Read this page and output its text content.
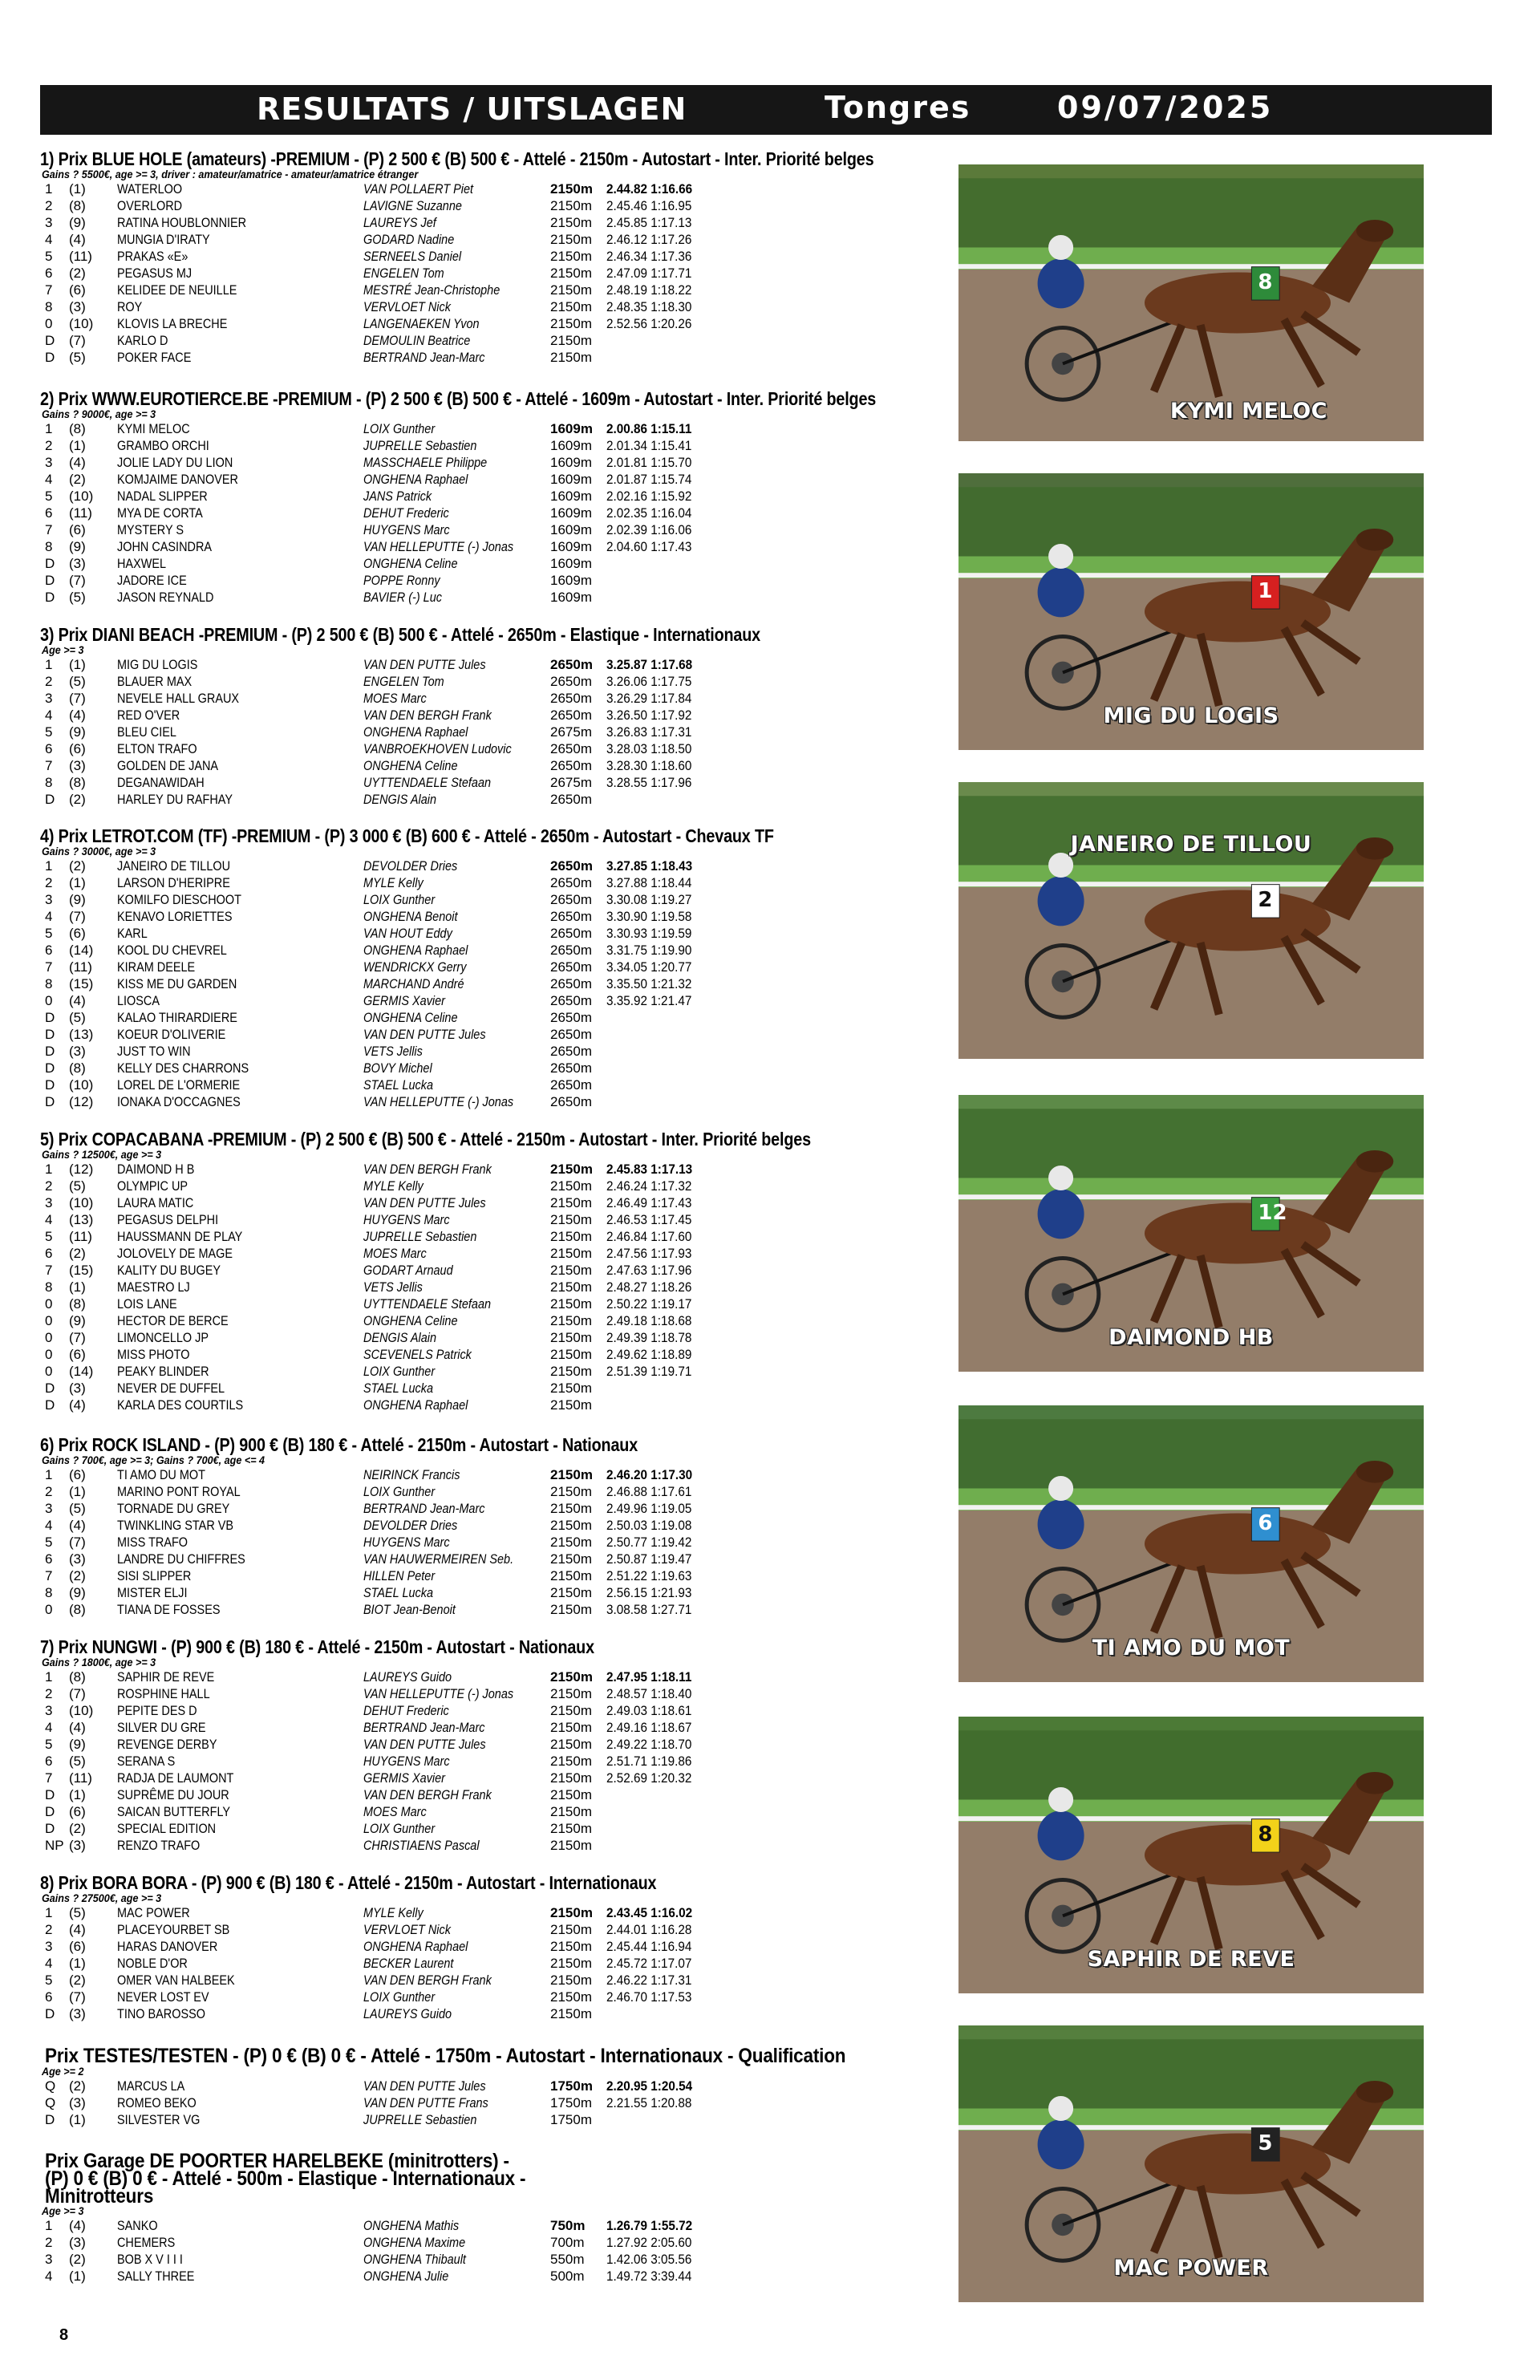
RESULTATS / UITSLAGEN	Tongres	09/07/2025
1) Prix BLUE HOLE (amateurs) -PREMIUM - (P) 2 500 € (B) 500 € - Attelé - 2150m - Autostart - Inter. Priorité belges
Gains ? 5500€, age >= 3, driver : amateur/amatrice - amateur/amatrice étranger
1	(1)	WATERLOO	VAN POLLAERT Piet	2150m	2.44.82 1:16.66
2	(8)	OVERLORD	LAVIGNE Suzanne	2150m	2.45.46 1:16.95
3	(9)	RATINA HOUBLONNIER	LAUREYS Jef	2150m	2.45.85 1:17.13
4	(4)	MUNGIA D'IRATY	GODARD Nadine	2150m	2.46.12 1:17.26
5	(11)	PRAKAS «E»	SERNEELS Daniel	2150m	2.46.34 1:17.36
6	(2)	PEGASUS MJ	ENGELEN Tom	2150m	2.47.09 1:17.71
7	(6)	KELIDEE DE NEUILLE	MESTRÉ Jean-Christophe	2150m	2.48.19 1:18.22
8	(3)	ROY	VERVLOET Nick	2150m	2.48.35 1:18.30
0	(10)	KLOVIS LA BRECHE	LANGENAEKEN Yvon	2150m	2.52.56 1:20.26
D	(7)	KARLO D	DEMOULIN Beatrice	2150m	
D	(5)	POKER FACE	BERTRAND Jean-Marc	2150m	
2) Prix WWW.EUROTIERCE.BE -PREMIUM - (P) 2 500 € (B) 500 € - Attelé - 1609m - Autostart - Inter. Priorité belges
Gains ? 9000€, age >= 3
1	(8)	KYMI MELOC	LOIX Gunther	1609m	2.00.86 1:15.11
2	(1)	GRAMBO ORCHI	JUPRELLE Sebastien	1609m	2.01.34 1:15.41
3	(4)	JOLIE LADY DU LION	MASSCHAELE Philippe	1609m	2.01.81 1:15.70
4	(2)	KOMJAIME DANOVER	ONGHENA Raphael	1609m	2.01.87 1:15.74
5	(10)	NADAL SLIPPER	JANS Patrick	1609m	2.02.16 1:15.92
6	(11)	MYA DE CORTA	DEHUT Frederic	1609m	2.02.35 1:16.04
7	(6)	MYSTERY S	HUYGENS Marc	1609m	2.02.39 1:16.06
8	(9)	JOHN CASINDRA	VAN HELLEPUTTE (-) Jonas	1609m	2.04.60 1:17.43
D	(3)	HAXWEL	ONGHENA Celine	1609m	
D	(7)	JADORE ICE	POPPE Ronny	1609m	
D	(5)	JASON REYNALD	BAVIER (-) Luc	1609m	
3) Prix DIANI BEACH -PREMIUM - (P) 2 500 € (B) 500 € - Attelé - 2650m - Elastique - Internationaux
Age >= 3
1	(1)	MIG DU LOGIS	VAN DEN PUTTE Jules	2650m	3.25.87 1:17.68
2	(5)	BLAUER MAX	ENGELEN Tom	2650m	3.26.06 1:17.75
3	(7)	NEVELE HALL GRAUX	MOES Marc	2650m	3.26.29 1:17.84
4	(4)	RED O'VER	VAN DEN BERGH Frank	2650m	3.26.50 1:17.92
5	(9)	BLEU CIEL	ONGHENA Raphael	2675m	3.26.83 1:17.31
6	(6)	ELTON TRAFO	VANBROEKHOVEN Ludovic	2650m	3.28.03 1:18.50
7	(3)	GOLDEN DE JANA	ONGHENA Celine	2650m	3.28.30 1:18.60
8	(8)	DEGANAWIDAH	UYTTENDAELE Stefaan	2675m	3.28.55 1:17.96
D	(2)	HARLEY DU RAFHAY	DENGIS Alain	2650m	
4) Prix LETROT.COM (TF) -PREMIUM - (P) 3 000 € (B) 600 € - Attelé - 2650m - Autostart - Chevaux TF
Gains ? 3000€, age >= 3
1	(2)	JANEIRO DE TILLOU	DEVOLDER Dries	2650m	3.27.85 1:18.43
2	(1)	LARSON D'HERIPRE	MYLE Kelly	2650m	3.27.88 1:18.44
3	(9)	KOMILFO DIESCHOOT	LOIX Gunther	2650m	3.30.08 1:19.27
4	(7)	KENAVO LORIETTES	ONGHENA Benoit	2650m	3.30.90 1:19.58
5	(6)	KARL	VAN HOUT Eddy	2650m	3.30.93 1:19.59
6	(14)	KOOL DU CHEVREL	ONGHENA Raphael	2650m	3.31.75 1:19.90
7	(11)	KIRAM DEELE	WENDRICKX Gerry	2650m	3.34.05 1:20.77
8	(15)	KISS ME DU GARDEN	MARCHAND André	2650m	3.35.50 1:21.32
0	(4)	LIOSCA	GERMIS Xavier	2650m	3.35.92 1:21.47
D	(5)	KALAO THIRARDIERE	ONGHENA Celine	2650m	
D	(13)	KOEUR D'OLIVERIE	VAN DEN PUTTE Jules	2650m	
D	(3)	JUST TO WIN	VETS Jellis	2650m	
D	(8)	KELLY DES CHARRONS	BOVY Michel	2650m	
D	(10)	LOREL DE L'ORMERIE	STAEL Lucka	2650m	
D	(12)	IONAKA D'OCCAGNES	VAN HELLEPUTTE (-) Jonas	2650m	
5) Prix COPACABANA -PREMIUM - (P) 2 500 € (B) 500 € - Attelé - 2150m - Autostart - Inter. Priorité belges
Gains ? 12500€, age >= 3
1	(12)	DAIMOND H B	VAN DEN BERGH Frank	2150m	2.45.83 1:17.13
2	(5)	OLYMPIC UP	MYLE Kelly	2150m	2.46.24 1:17.32
3	(10)	LAURA MATIC	VAN DEN PUTTE Jules	2150m	2.46.49 1:17.43
4	(13)	PEGASUS DELPHI	HUYGENS Marc	2150m	2.46.53 1:17.45
5	(11)	HAUSSMANN DE PLAY	JUPRELLE Sebastien	2150m	2.46.84 1:17.60
6	(2)	JOLOVELY DE MAGE	MOES Marc	2150m	2.47.56 1:17.93
7	(15)	KALITY DU BUGEY	GODART Arnaud	2150m	2.47.63 1:17.96
8	(1)	MAESTRO LJ	VETS Jellis	2150m	2.48.27 1:18.26
0	(8)	LOIS LANE	UYTTENDAELE Stefaan	2150m	2.50.22 1:19.17
0	(9)	HECTOR DE BERCE	ONGHENA Celine	2150m	2.49.18 1:18.68
0	(7)	LIMONCELLO JP	DENGIS Alain	2150m	2.49.39 1:18.78
0	(6)	MISS PHOTO	SCEVENELS Patrick	2150m	2.49.62 1:18.89
0	(14)	PEAKY BLINDER	LOIX Gunther	2150m	2.51.39 1:19.71
D	(3)	NEVER DE DUFFEL	STAEL Lucka	2150m	
D	(4)	KARLA DES COURTILS	ONGHENA Raphael	2150m	
6) Prix ROCK ISLAND - (P) 900 € (B) 180 € - Attelé - 2150m - Autostart - Nationaux
Gains ? 700€, age >= 3; Gains ? 700€, age <= 4
1	(6)	TI AMO DU MOT	NEIRINCK Francis	2150m	2.46.20 1:17.30
2	(1)	MARINO PONT ROYAL	LOIX Gunther	2150m	2.46.88 1:17.61
3	(5)	TORNADE DU GREY	BERTRAND Jean-Marc	2150m	2.49.96 1:19.05
4	(4)	TWINKLING STAR VB	DEVOLDER Dries	2150m	2.50.03 1:19.08
5	(7)	MISS TRAFO	HUYGENS Marc	2150m	2.50.77 1:19.42
6	(3)	LANDRE DU CHIFFRES	VAN HAUWERMEIREN Seb.	2150m	2.50.87 1:19.47
7	(2)	SISI SLIPPER	HILLEN Peter	2150m	2.51.22 1:19.63
8	(9)	MISTER ELJI	STAEL Lucka	2150m	2.56.15 1:21.93
0	(8)	TIANA DE FOSSES	BIOT Jean-Benoit	2150m	3.08.58 1:27.71
7) Prix NUNGWI - (P) 900 € (B) 180 € - Attelé - 2150m - Autostart - Nationaux
Gains ? 1800€, age >= 3
1	(8)	SAPHIR DE REVE	LAUREYS Guido	2150m	2.47.95 1:18.11
2	(7)	ROSPHINE HALL	VAN HELLEPUTTE (-) Jonas	2150m	2.48.57 1:18.40
3	(10)	PEPITE DES D	DEHUT Frederic	2150m	2.49.03 1:18.61
4	(4)	SILVER DU GRE	BERTRAND Jean-Marc	2150m	2.49.16 1:18.67
5	(9)	REVENGE DERBY	VAN DEN PUTTE Jules	2150m	2.49.22 1:18.70
6	(5)	SERANA S	HUYGENS Marc	2150m	2.51.71 1:19.86
7	(11)	RADJA DE LAUMONT	GERMIS Xavier	2150m	2.52.69 1:20.32
D	(1)	SUPRÊME DU JOUR	VAN DEN BERGH Frank	2150m	
D	(6)	SAICAN BUTTERFLY	MOES Marc	2150m	
D	(2)	SPECIAL EDITION	LOIX Gunther	2150m	
NP	(3)	RENZO TRAFO	CHRISTIAENS Pascal	2150m	
8) Prix BORA BORA - (P) 900 € (B) 180 € - Attelé - 2150m - Autostart - Internationaux
Gains ? 27500€, age >= 3
1	(5)	MAC POWER	MYLE Kelly	2150m	2.43.45 1:16.02
2	(4)	PLACEYOURBET SB	VERVLOET Nick	2150m	2.44.01 1:16.28
3	(6)	HARAS DANOVER	ONGHENA Raphael	2150m	2.45.44 1:16.94
4	(1)	NOBLE D'OR	BECKER Laurent	2150m	2.45.72 1:17.07
5	(2)	OMER VAN HALBEEK	VAN DEN BERGH Frank	2150m	2.46.22 1:17.31
6	(7)	NEVER LOST EV	LOIX Gunther	2150m	2.46.70 1:17.53
D	(3)	TINO BAROSSO	LAUREYS Guido	2150m	
Prix TESTES/TESTEN - (P) 0 € (B) 0 € - Attelé - 1750m - Autostart - Internationaux - Qualification
Age >= 2
Q	(2)	MARCUS LA	VAN DEN PUTTE Jules	1750m	2.20.95 1:20.54
Q	(3)	ROMEO BEKO	VAN DEN PUTTE Frans	1750m	2.21.55 1:20.88
D	(1)	SILVESTER VG	JUPRELLE Sebastien	1750m	
Prix Garage DE POORTER HARELBEKE (minitrotters) - (P) 0 € (B) 0 € - Attelé - 500m - Elastique - Internationaux - Minitrotteurs
Age >= 3
1	(4)	SANKO	ONGHENA Mathis	750m	1.26.79 1:55.72
2	(3)	CHEMERS	ONGHENA Maxime	700m	1.27.92 2:05.60
3	(2)	BOB X V I I I	ONGHENA Thibault	550m	1.42.06 3:05.56
4	(1)	SALLY THREE	ONGHENA Julie	500m	1.49.72 3:39.44
8
KYMI MELOC
1
MIG DU LOGIS
2
JANEIRO DE TILLOU
12
DAIMOND HB
6
TI AMO DU MOT
8
SAPHIR DE REVE
5
MAC POWER
8
